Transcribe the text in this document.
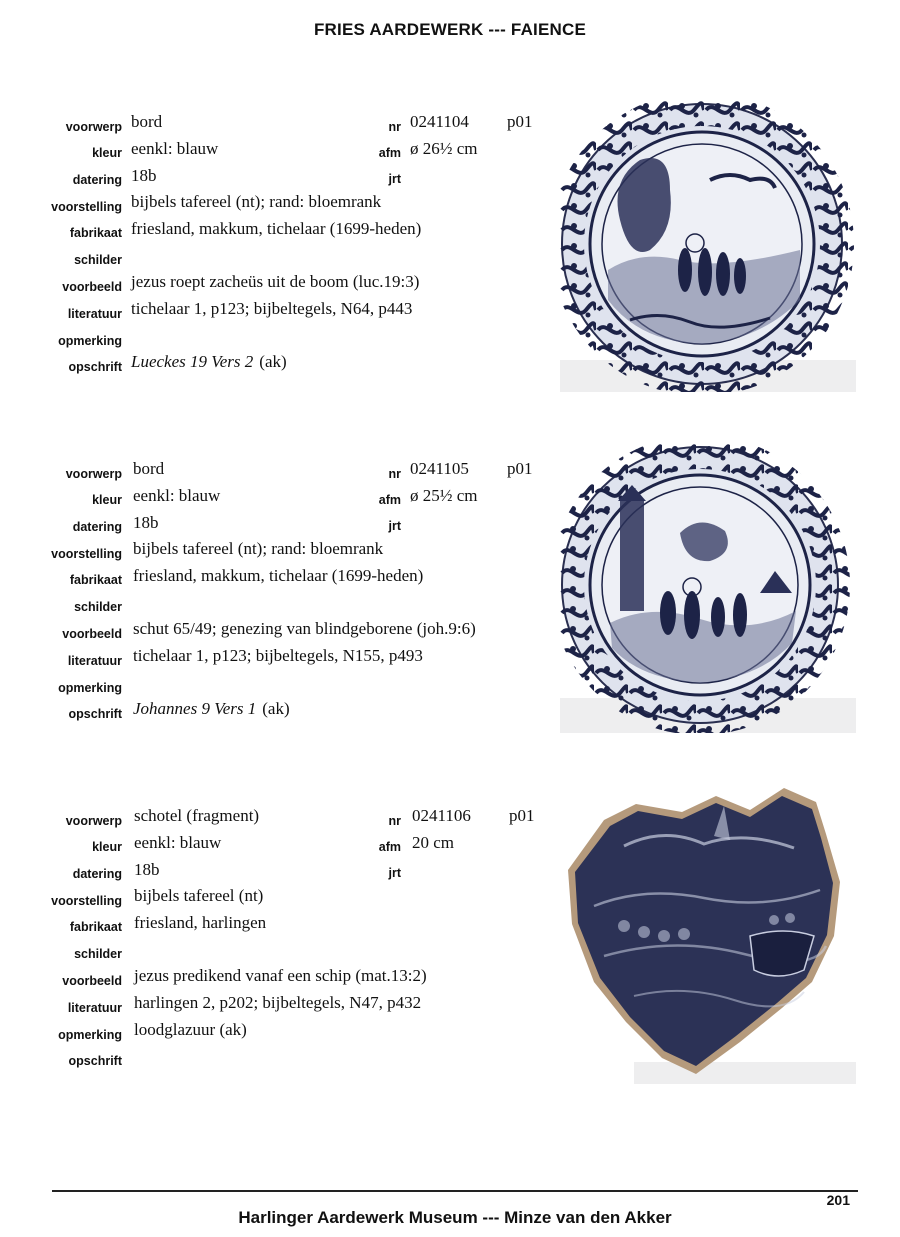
FRIES AARDEWERK --- FAIENCE
voorwerp bord
kleur eenkl: blauw
datering 18b
voorstelling bijbels tafereel (nt); rand: bloemrank
fabrikaat friesland, makkum, tichelaar (1699-heden)
schilder
voorbeeld jezus roept zacheüs uit de boom (luc.19:3)
literatuur tichelaar 1, p123; bijbeltegels, N64, p443
opmerking
opschrift Lueckes 19 Vers 2 (ak)
nr 0241104 p01
afm ø 26½ cm
jrt
voorwerp bord
kleur eenkl: blauw
datering 18b
voorstelling bijbels tafereel (nt); rand: bloemrank
fabrikaat friesland, makkum, tichelaar (1699-heden)
schilder
voorbeeld schut 65/49; genezing van blindgeborene (joh.9:6)
literatuur tichelaar 1, p123; bijbeltegels, N155, p493
opmerking
opschrift Johannes 9 Vers 1 (ak)
nr 0241105 p01
afm ø 25½ cm
jrt
voorwerp schotel (fragment)
kleur eenkl: blauw
datering 18b
voorstelling bijbels tafereel (nt)
fabrikaat friesland, harlingen
schilder
voorbeeld jezus predikend vanaf een schip (mat.13:2)
literatuur harlingen 2, p202; bijbeltegels, N47, p432
opmerking loodglazuur (ak)
opschrift
nr 0241106 p01
afm 20 cm
jrt
201
Harlinger Aardewerk Museum --- Minze van den Akker
